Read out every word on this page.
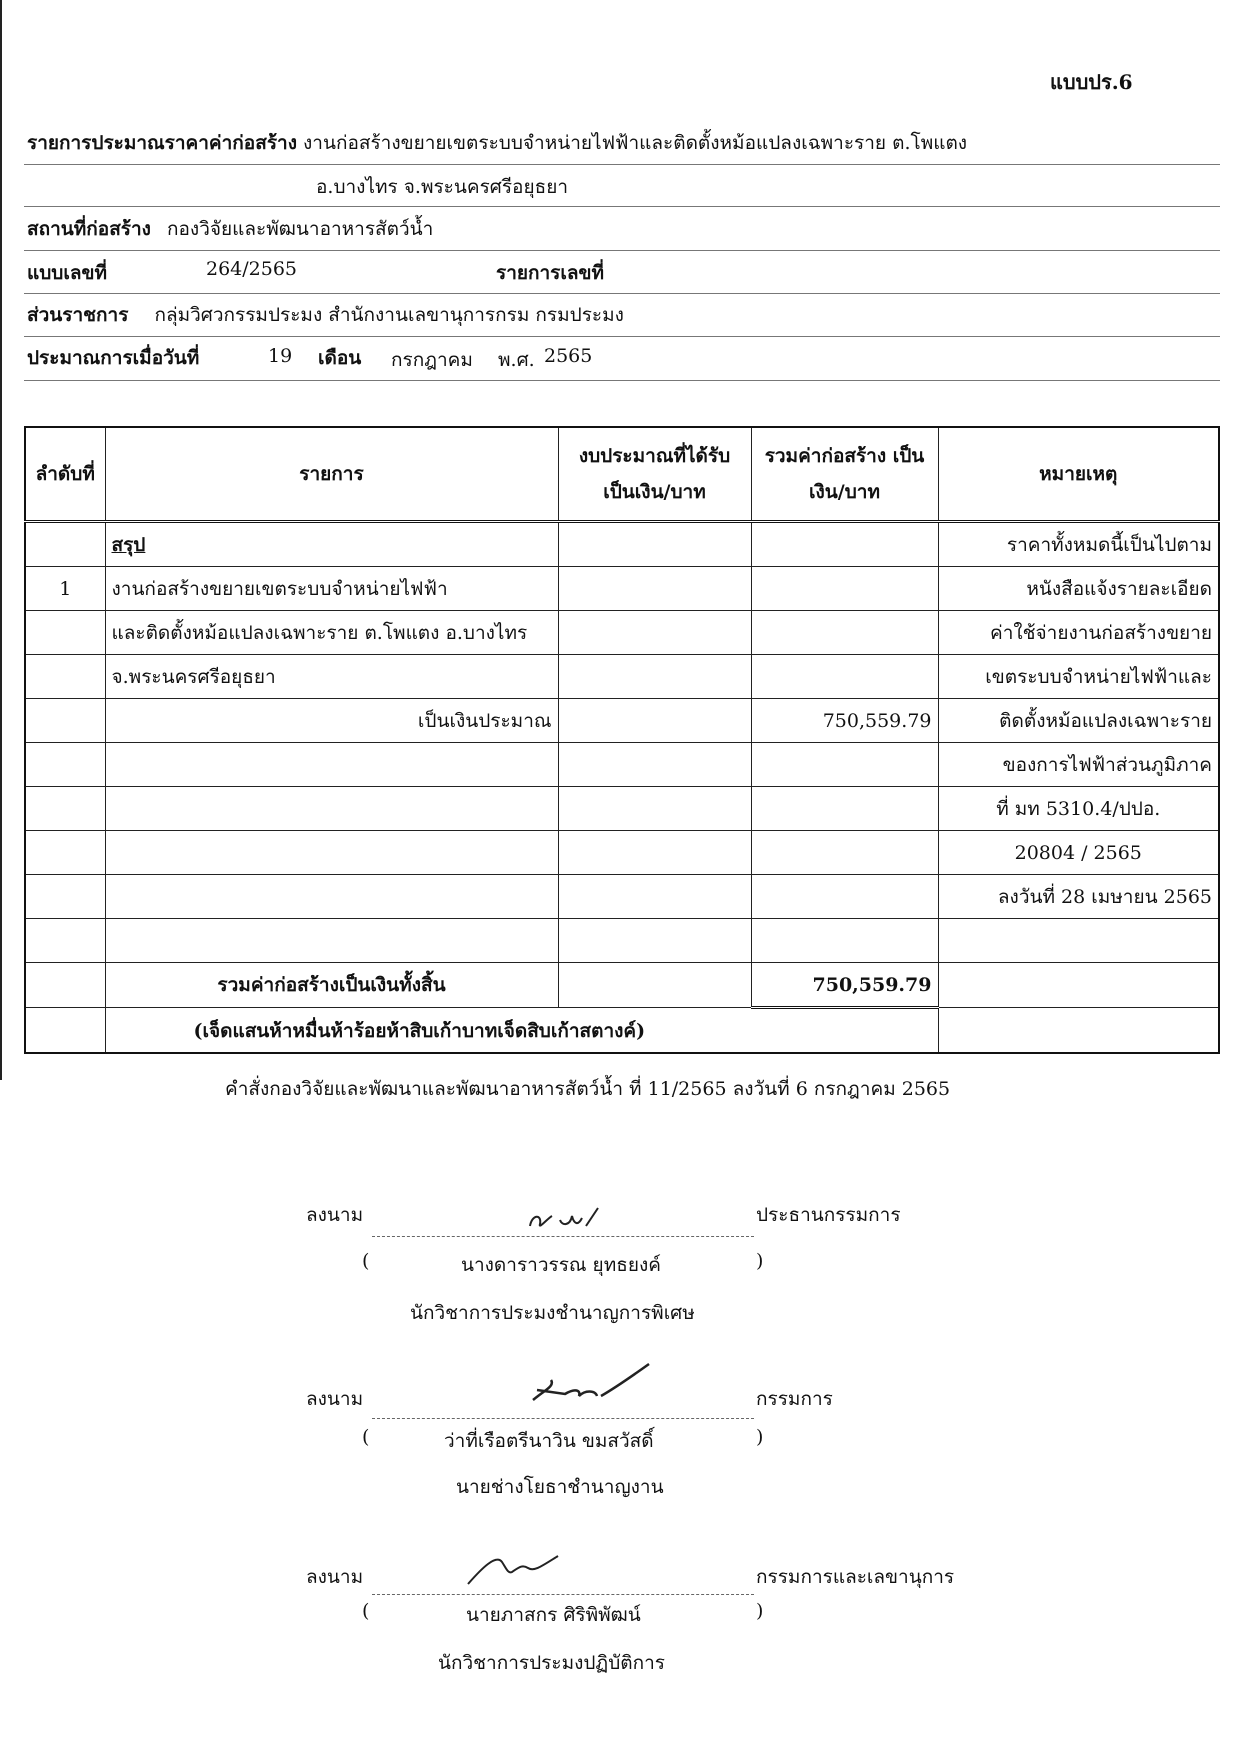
แบบปร.6
รายการประมาณราคาค่าก่อสร้าง งานก่อสร้างขยายเขตระบบจำหน่ายไฟฟ้าและติดตั้งหม้อแปลงเฉพาะราย ต.โพแตง
อ.บางไทร จ.พระนครศรีอยุธยา
สถานที่ก่อสร้าง กองวิจัยและพัฒนาอาหารสัตว์น้ำ
แบบเลขที่	264/2565	รายการเลขที่
ส่วนราชการ กลุ่มวิศวกรรมประมง สำนักงานเลขานุการกรม กรมประมง
ประมาณการเมื่อวันที่	19 เดือน กรกฎาคม พ.ศ. 2565
ลำดับที่	รายการ	งบประมาณที่ได้รับ เป็นเงิน/บาท	รวมค่าก่อสร้าง เป็นเงิน/บาท	หมายเหตุ
	สรุป			ราคาทั้งหมดนี้เป็นไปตาม
1	งานก่อสร้างขยายเขตระบบจำหน่ายไฟฟ้า			หนังสือแจ้งรายละเอียด
	และติดตั้งหม้อแปลงเฉพาะราย ต.โพแตง อ.บางไทร			ค่าใช้จ่ายงานก่อสร้างขยาย
	จ.พระนครศรีอยุธยา			เขตระบบจำหน่ายไฟฟ้าและ
	เป็นเงินประมาณ		750,559.79	ติดตั้งหม้อแปลงเฉพาะราย
				ของการไฟฟ้าส่วนภูมิภาค
				ที่ มท 5310.4/ปปอ.
				20804 / 2565
				ลงวันที่ 28 เมษายน 2565

	รวมค่าก่อสร้างเป็นเงินทั้งสิ้น		750,559.79	
	(เจ็ดแสนห้าหมื่นห้าร้อยห้าสิบเก้าบาทเจ็ดสิบเก้าสตางค์)			
คำสั่งกองวิจัยและพัฒนาและพัฒนาอาหารสัตว์น้ำ ที่ 11/2565 ลงวันที่ 6 กรกฎาคม 2565
ลงนาม	ประธานกรรมการ
(	นางดาราวรรณ ยุทธยงค์	)
นักวิชาการประมงชำนาญการพิเศษ
ลงนาม	กรรมการ
(	ว่าที่เรือตรีนาวิน ขมสวัสดิ์	)
นายช่างโยธาชำนาญงาน
ลงนาม	กรรมการและเลขานุการ
(	นายภาสกร ศิริพิพัฒน์	)
นักวิชาการประมงปฏิบัติการ
